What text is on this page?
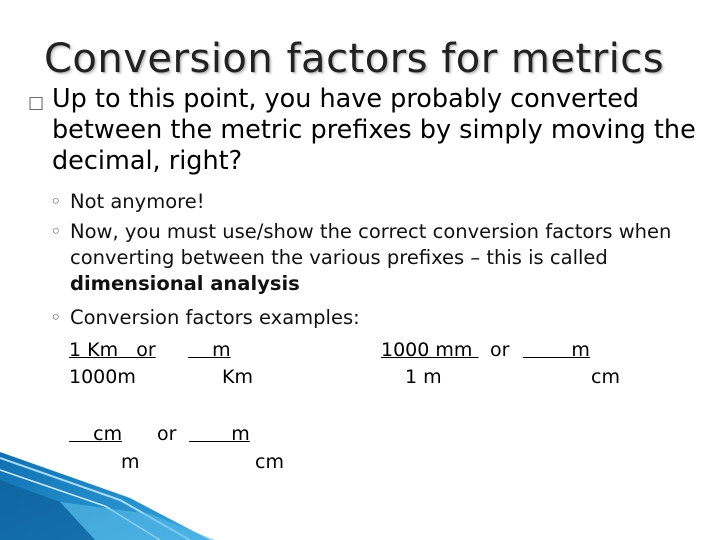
Conversion factors for metrics
□ Up to this point, you have probably converted between the metric prefixes by simply moving the decimal, right?
◦ Not anymore!
◦ Now, you must use/show the correct conversion factors when converting between the various prefixes – this is called dimensional analysis
◦ Conversion factors examples:
1 Km   or
1000m
m
Km
1000 mm or m
1 m	cm
cm or m
m	cm
